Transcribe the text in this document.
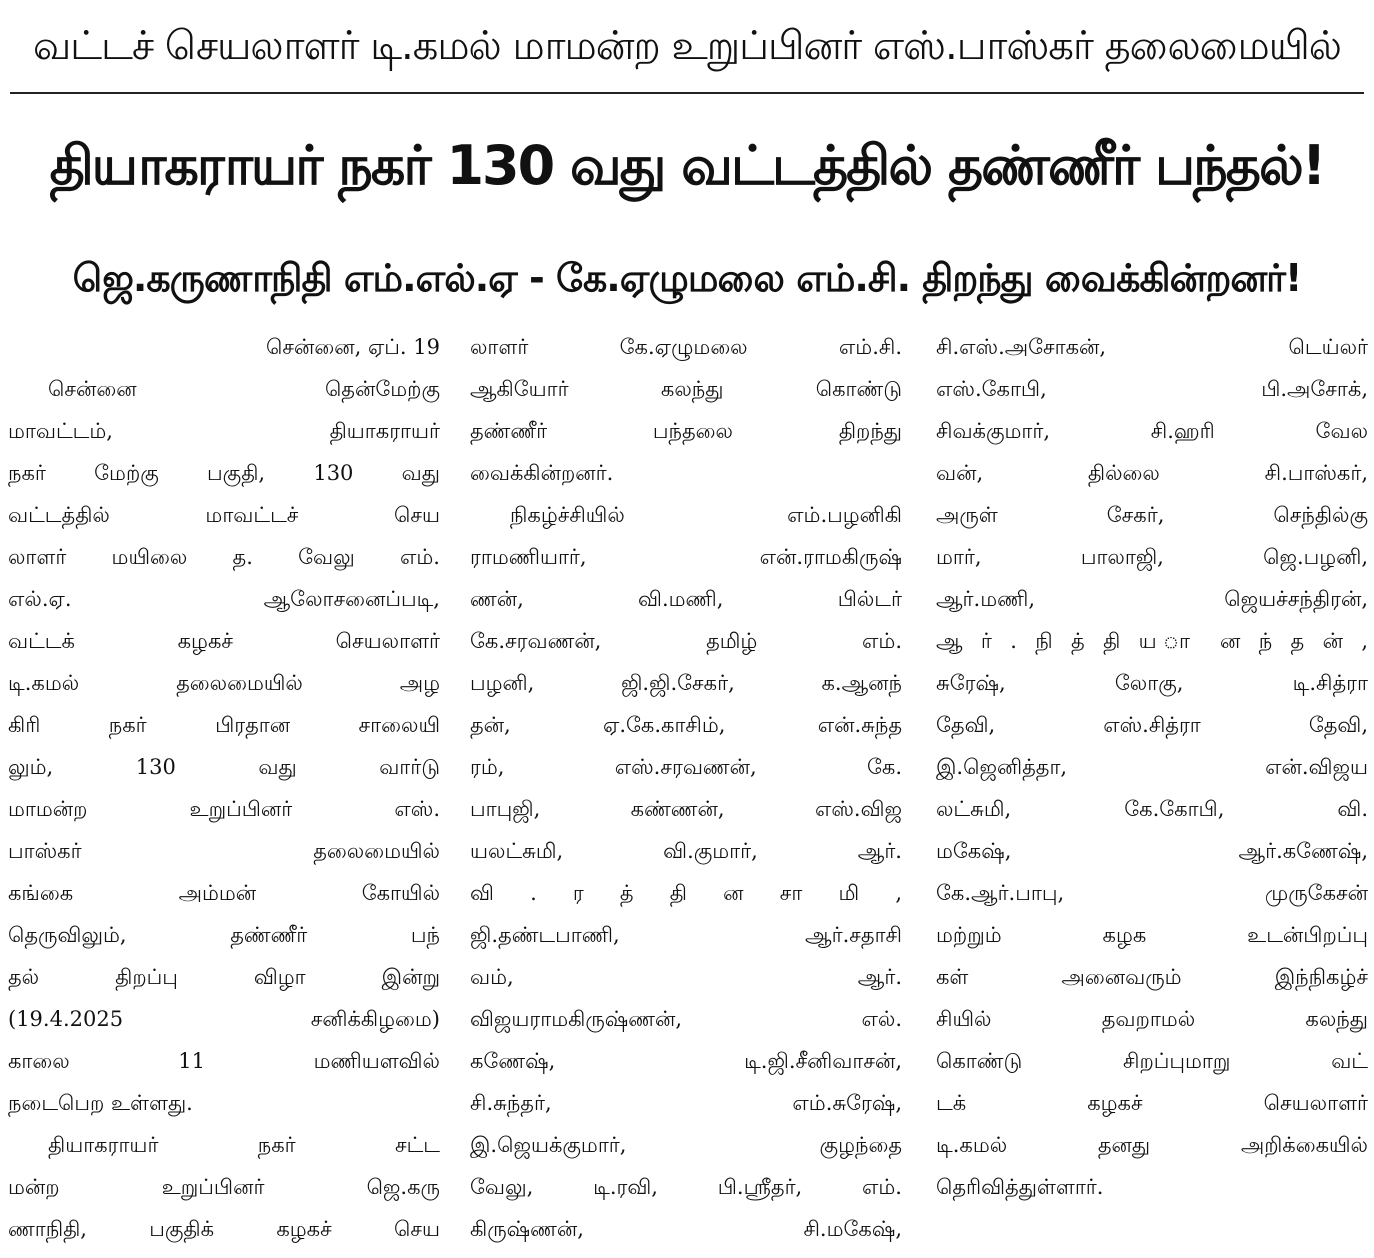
வட்டச் செயலாளர் டி.கமல் மாமன்ற உறுப்பினர் எஸ்.பாஸ்கர் தலைமையில்
தியாகராயர் நகர் 130 வது வட்டத்தில் தண்ணீர் பந்தல்!
ஜெ.கருணாநிதி எம்.எல்.ஏ - கே.ஏழுமலை எம்.சி. திறந்து வைக்கின்றனர்!
சென்னை, ஏப். 19
சென்னை தென்மேற்கு
மாவட்டம், தியாகராயர்
நகர் மேற்கு பகுதி, 130 வது
வட்டத்தில் மாவட்டச் செய
லாளர் மயிலை த. வேலு எம்.
எல்.ஏ. ஆலோசனைப்படி,
வட்டக் கழகச் செயலாளர்
டி.கமல் தலைமையில் அழ
கிரி நகர் பிரதான சாலையி
லும், 130 வது வார்டு
மாமன்ற உறுப்பினர் எஸ்.
பாஸ்கர் தலைமையில்
கங்கை அம்மன் கோயில்
தெருவிலும், தண்ணீர் பந்
தல் திறப்பு விழா இன்று
(19.4.2025 சனிக்கிழமை)
காலை 11 மணியளவில்
நடைபெற உள்ளது.
தியாகராயர் நகர் சட்ட
மன்ற உறுப்பினர் ஜெ.கரு
ணாநிதி, பகுதிக் கழகச் செய
லாளர் கே.ஏழுமலை எம்.சி.
ஆகியோர் கலந்து கொண்டு
தண்ணீர் பந்தலை திறந்து
வைக்கின்றனர்.
நிகழ்ச்சியில் எம்.பழனிகி
ராமணியார், என்.ராமகிருஷ்
ணன், வி.மணி, பில்டர்
கே.சரவணன், தமிழ் எம்.
பழனி, ஜி.ஜி.சேகர், க.ஆனந்
தன், ஏ.கே.காசிம், என்.சுந்த
ரம், எஸ்.சரவணன், கே.
பாபுஜி, கண்ணன், எஸ்.விஜ
யலட்சுமி, வி.குமார், ஆர்.
வி . ர த் தி ன சா மி ,
ஜி.தண்டபாணி, ஆர்.சதாசி
வம், ஆர்.
விஜயராமகிருஷ்ணன், எல்.
கணேஷ், டி.ஜி.சீனிவாசன்,
சி.சுந்தர், எம்.சுரேஷ்,
இ.ஜெயக்குமார், குழந்தை
வேலு, டி.ரவி, பி.ஸ்ரீதர், எம்.
கிருஷ்ணன், சி.மகேஷ்,
சி.எஸ்.அசோகன், டெய்லர்
எஸ்.கோபி, பி.அசோக்,
சிவக்குமார், சி.ஹரி வேல
வன், தில்லை சி.பாஸ்கர்,
அருள் சேகர், செந்தில்கு
மார், பாலாஜி, ஜெ.பழனி,
ஆர்.மணி, ஜெயச்சந்திரன்,
ஆ ர் . நி த் தி ய ா ன ந் த ன் ,
சுரேஷ், லோகு, டி.சித்ரா
தேவி, எஸ்.சித்ரா தேவி,
இ.ஜெனித்தா, என்.விஜய
லட்சுமி, கே.கோபி, வி.
மகேஷ், ஆர்.கணேஷ்,
கே.ஆர்.பாபு, முருகேசன்
மற்றும் கழக உடன்பிறப்பு
கள் அனைவரும் இந்நிகழ்ச்
சியில் தவறாமல் கலந்து
கொண்டு சிறப்புமாறு வட்
டக் கழகச் செயலாளர்
டி.கமல் தனது அறிக்கையில்
தெரிவித்துள்ளார்.
